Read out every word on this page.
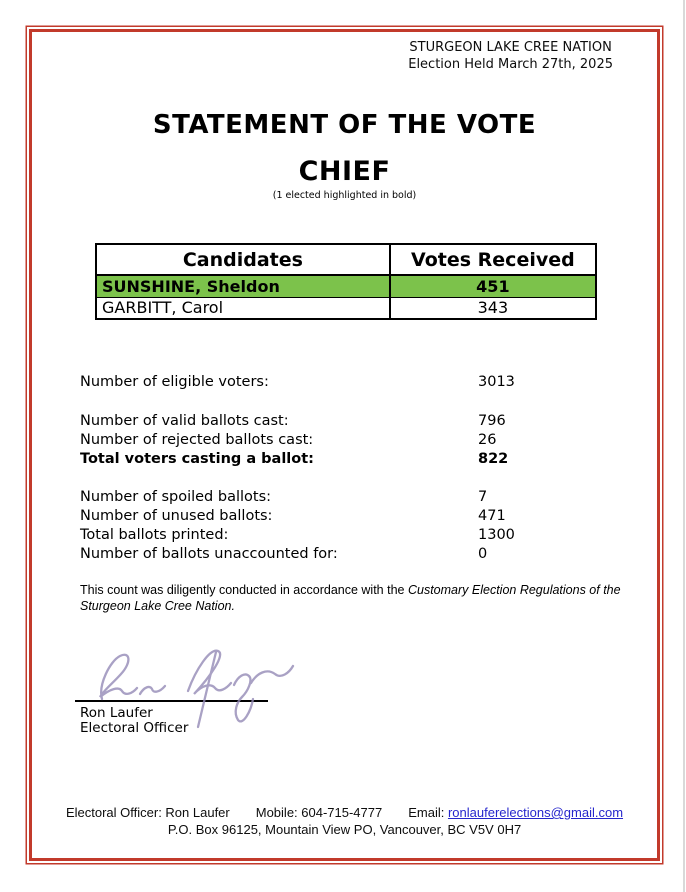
STURGEON LAKE CREE NATION
Election Held March 27th, 2025
STATEMENT OF THE VOTE
CHIEF
(1 elected highlighted in bold)
Candidates	Votes Received
SUNSHINE, Sheldon	451
GARBITT, Carol	343
Number of eligible voters:	3013
Number of valid ballots cast:	796
Number of rejected ballots cast:	26
Total voters casting a ballot:	822
Number of spoiled ballots:	7
Number of unused ballots:	471
Total ballots printed:	1300
Number of ballots unaccounted for:	0

This count was diligently conducted in accordance with the Customary Election Regulations of the Sturgeon Lake Cree Nation.

Ron Laufer
Electoral Officer
Electoral Officer: Ron Laufer Mobile: 604-715-4777 Email: ronlauferelections@gmail.com
P.O. Box 96125, Mountain View PO, Vancouver, BC V5V 0H7
